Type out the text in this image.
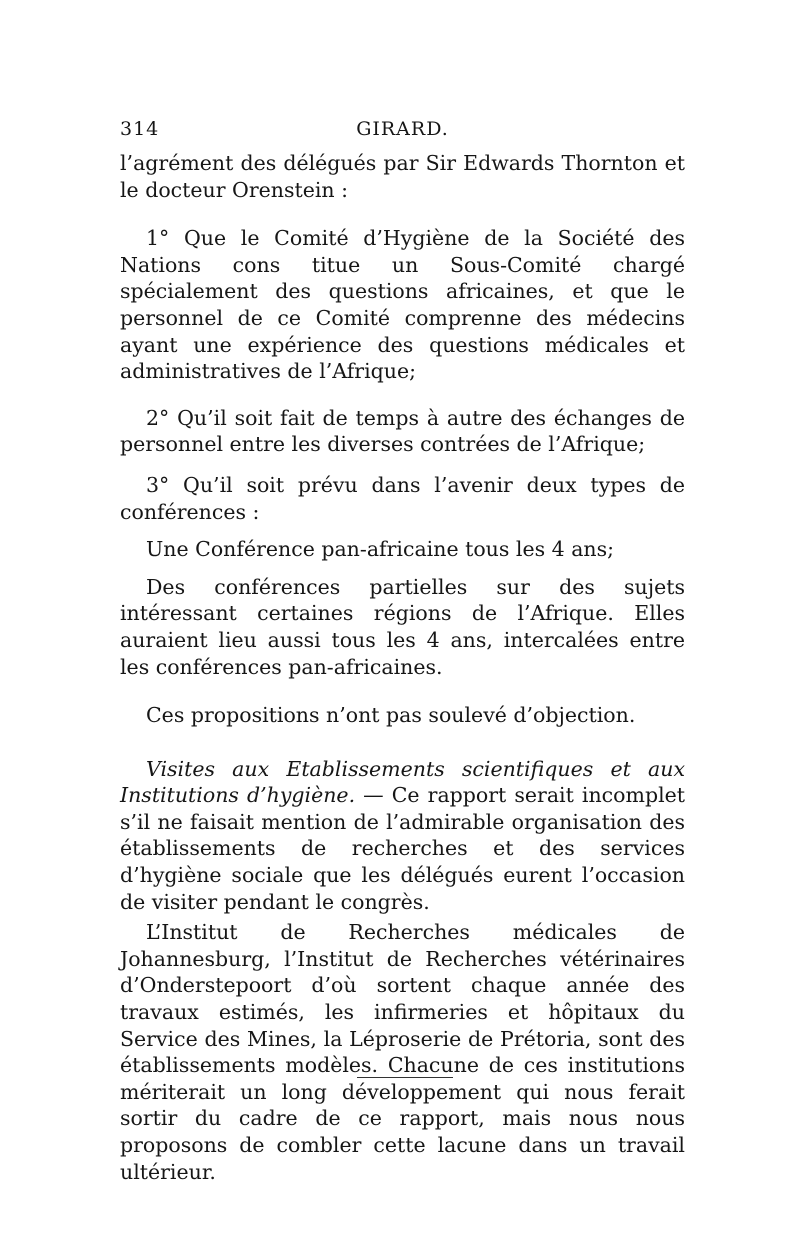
314	GIRARD.

l’agrément des délégués par Sir Edwards Thornton et le docteur Orenstein :

1° Que le Comité d’Hygiène de la Société des Nations cons titue un Sous-Comité chargé spécialement des questions africaines, et que le personnel de ce Comité comprenne des médecins ayant une expérience des questions médicales et administratives de l’Afrique;

2° Qu’il soit fait de temps à autre des échanges de personnel entre les diverses contrées de l’Afrique;

3° Qu’il soit prévu dans l’avenir deux types de conférences :

Une Conférence pan-africaine tous les 4 ans;

Des conférences partielles sur des sujets intéressant certaines régions de l’Afrique. Elles auraient lieu aussi tous les 4 ans, intercalées entre les conférences pan-africaines.

Ces propositions n’ont pas soulevé d’objection.

Visites aux Etablissements scientifiques et aux Institutions d’hygiène. — Ce rapport serait incomplet s’il ne faisait mention de l’admirable organisation des établissements de recherches et des services d’hygiène sociale que les délégués eurent l’occasion de visiter pendant le congrès.

L’Institut de Recherches médicales de Johannesburg, l’Institut de Recherches vétérinaires d’Onderstepoort d’où sortent chaque année des travaux estimés, les infirmeries et hôpitaux du Service des Mines, la Léproserie de Prétoria, sont des établissements modèles. Chacune de ces institutions mériterait un long développement qui nous ferait sortir du cadre de ce rapport, mais nous nous proposons de combler cette lacune dans un travail ultérieur.
